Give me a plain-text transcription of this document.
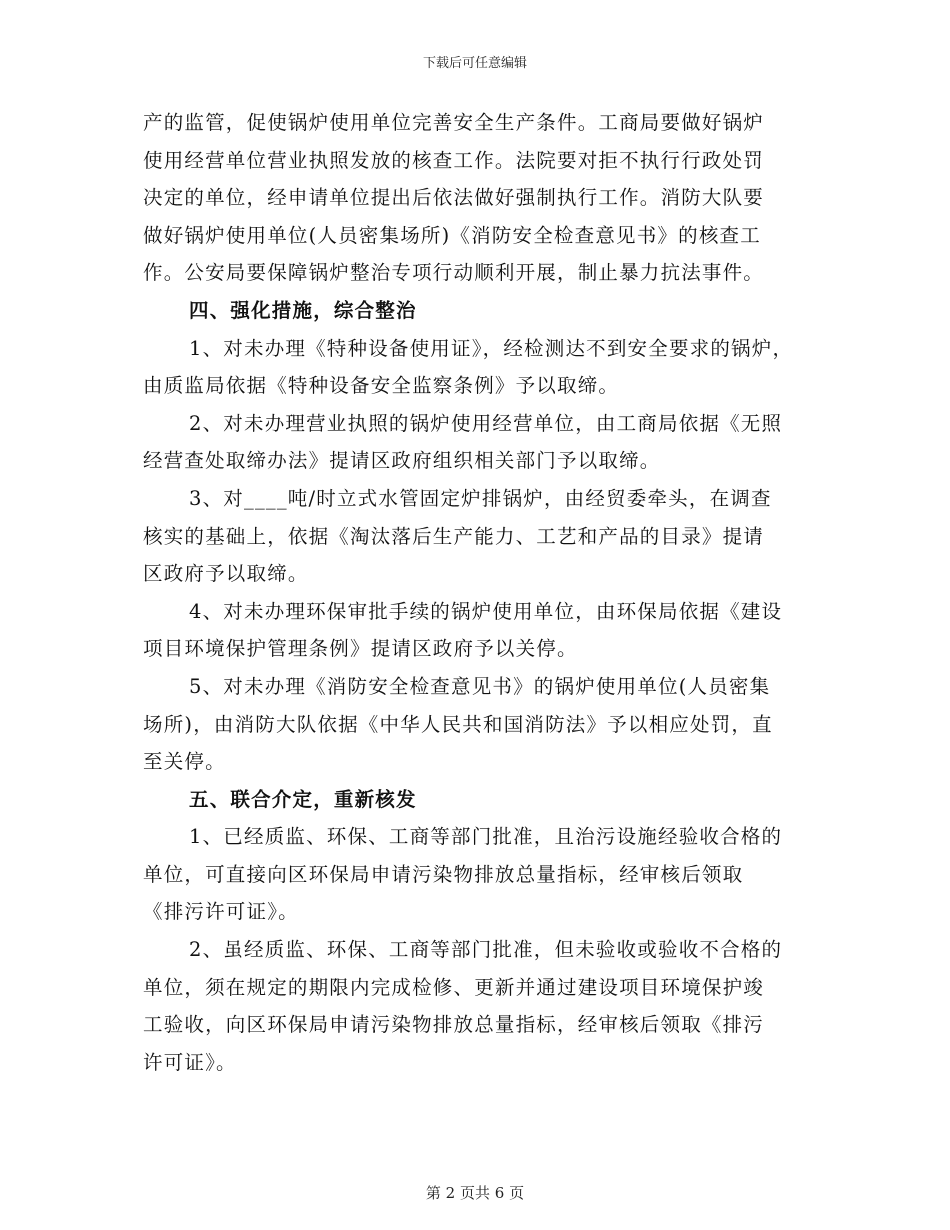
下载后可任意编辑
产的监管，促使锅炉使用单位完善安全生产条件。工商局要做好锅炉
使用经营单位营业执照发放的核查工作。法院要对拒不执行行政处罚
决定的单位，经申请单位提出后依法做好强制执行工作。消防大队要
做好锅炉使用单位(人员密集场所)《消防安全检查意见书》的核查工
作。公安局要保障锅炉整治专项行动顺利开展，制止暴力抗法事件。
四、强化措施，综合整治
1、对未办理《特种设备使用证》，经检测达不到安全要求的锅炉，
由质监局依据《特种设备安全监察条例》予以取缔。
2、对未办理营业执照的锅炉使用经营单位，由工商局依据《无照
经营查处取缔办法》提请区政府组织相关部门予以取缔。
3、对____吨/时立式水管固定炉排锅炉，由经贸委牵头，在调查
核实的基础上，依据《淘汰落后生产能力、工艺和产品的目录》提请
区政府予以取缔。
4、对未办理环保审批手续的锅炉使用单位，由环保局依据《建设
项目环境保护管理条例》提请区政府予以关停。
5、对未办理《消防安全检查意见书》的锅炉使用单位(人员密集
场所)，由消防大队依据《中华人民共和国消防法》予以相应处罚，直
至关停。
五、联合介定，重新核发
1、已经质监、环保、工商等部门批准，且治污设施经验收合格的
单位，可直接向区环保局申请污染物排放总量指标，经审核后领取
《排污许可证》。
2、虽经质监、环保、工商等部门批准，但未验收或验收不合格的
单位，须在规定的期限内完成检修、更新并通过建设项目环境保护竣
工验收，向区环保局申请污染物排放总量指标，经审核后领取《排污
许可证》。
第 2 页共 6 页
